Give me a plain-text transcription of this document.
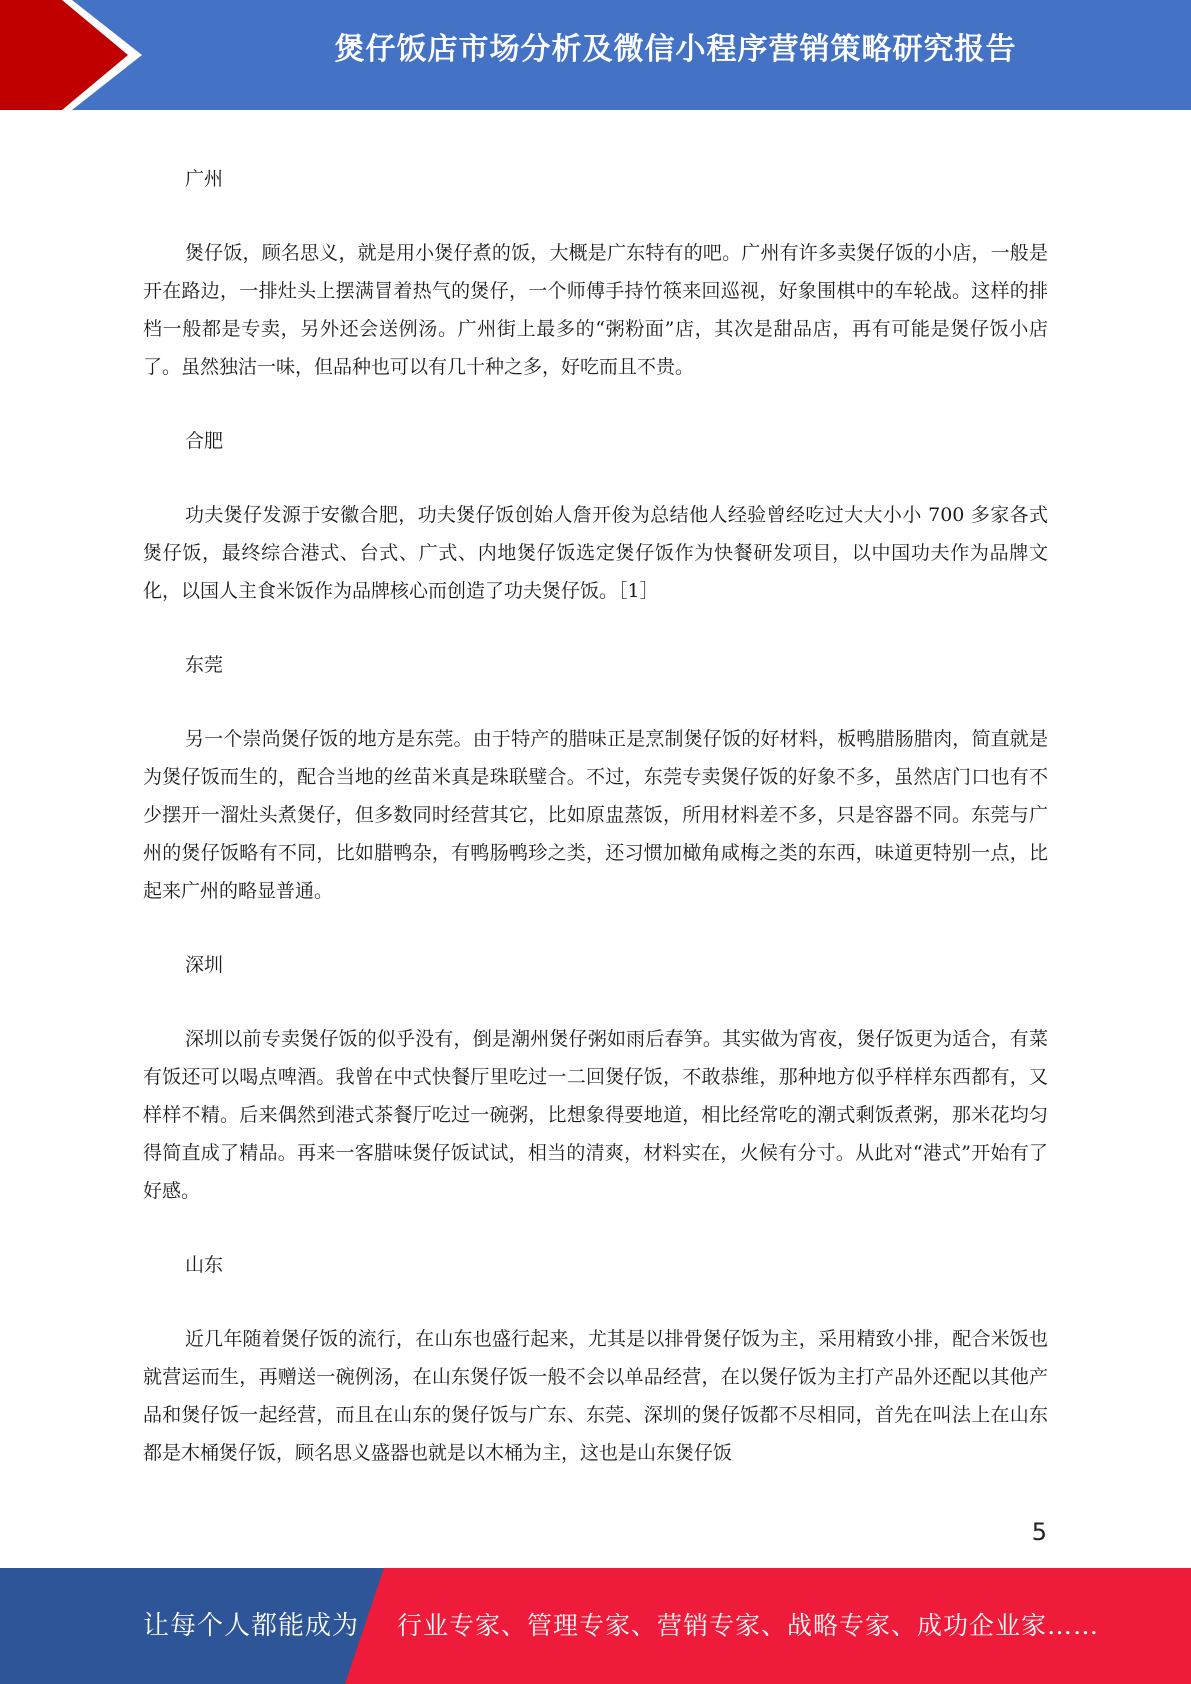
煲仔饭店市场分析及微信小程序营销策略研究报告

广州

煲仔饭，顾名思义，就是用小煲仔煮的饭，大概是广东特有的吧。广州有许多卖煲仔饭的小店，一般是开在路边，一排灶头上摆满冒着热气的煲仔，一个师傅手持竹筷来回巡视，好象围棋中的车轮战。这样的排档一般都是专卖，另外还会送例汤。广州街上最多的“粥粉面”店，其次是甜品店，再有可能是煲仔饭小店了。虽然独沽一味，但品种也可以有几十种之多，好吃而且不贵。

合肥

功夫煲仔发源于安徽合肥，功夫煲仔饭创始人詹开俊为总结他人经验曾经吃过大大小小 700 多家各式煲仔饭，最终综合港式、台式、广式、内地煲仔饭选定煲仔饭作为快餐研发项目，以中国功夫作为品牌文化，以国人主食米饭作为品牌核心而创造了功夫煲仔饭。［1］

东莞

另一个崇尚煲仔饭的地方是东莞。由于特产的腊味正是烹制煲仔饭的好材料，板鸭腊肠腊肉，简直就是为煲仔饭而生的，配合当地的丝苗米真是珠联璧合。不过，东莞专卖煲仔饭的好象不多，虽然店门口也有不少摆开一溜灶头煮煲仔，但多数同时经营其它，比如原盅蒸饭，所用材料差不多，只是容器不同。东莞与广州的煲仔饭略有不同，比如腊鸭杂，有鸭肠鸭珍之类，还习惯加橄角咸梅之类的东西，味道更特别一点，比起来广州的略显普通。

深圳

深圳以前专卖煲仔饭的似乎没有，倒是潮州煲仔粥如雨后春笋。其实做为宵夜，煲仔饭更为适合，有菜有饭还可以喝点啤酒。我曾在中式快餐厅里吃过一二回煲仔饭，不敢恭维，那种地方似乎样样东西都有，又样样不精。后来偶然到港式茶餐厅吃过一碗粥，比想象得要地道，相比经常吃的潮式剩饭煮粥，那米花均匀得简直成了精品。再来一客腊味煲仔饭试试，相当的清爽，材料实在，火候有分寸。从此对“港式”开始有了好感。

山东

近几年随着煲仔饭的流行，在山东也盛行起来，尤其是以排骨煲仔饭为主，采用精致小排，配合米饭也就营运而生，再赠送一碗例汤，在山东煲仔饭一般不会以单品经营，在以煲仔饭为主打产品外还配以其他产品和煲仔饭一起经营，而且在山东的煲仔饭与广东、东莞、深圳的煲仔饭都不尽相同，首先在叫法上在山东都是木桶煲仔饭，顾名思义盛器也就是以木桶为主，这也是山东煲仔饭

5
让每个人都能成为 行业专家、管理专家、营销专家、战略专家、成功企业家……
